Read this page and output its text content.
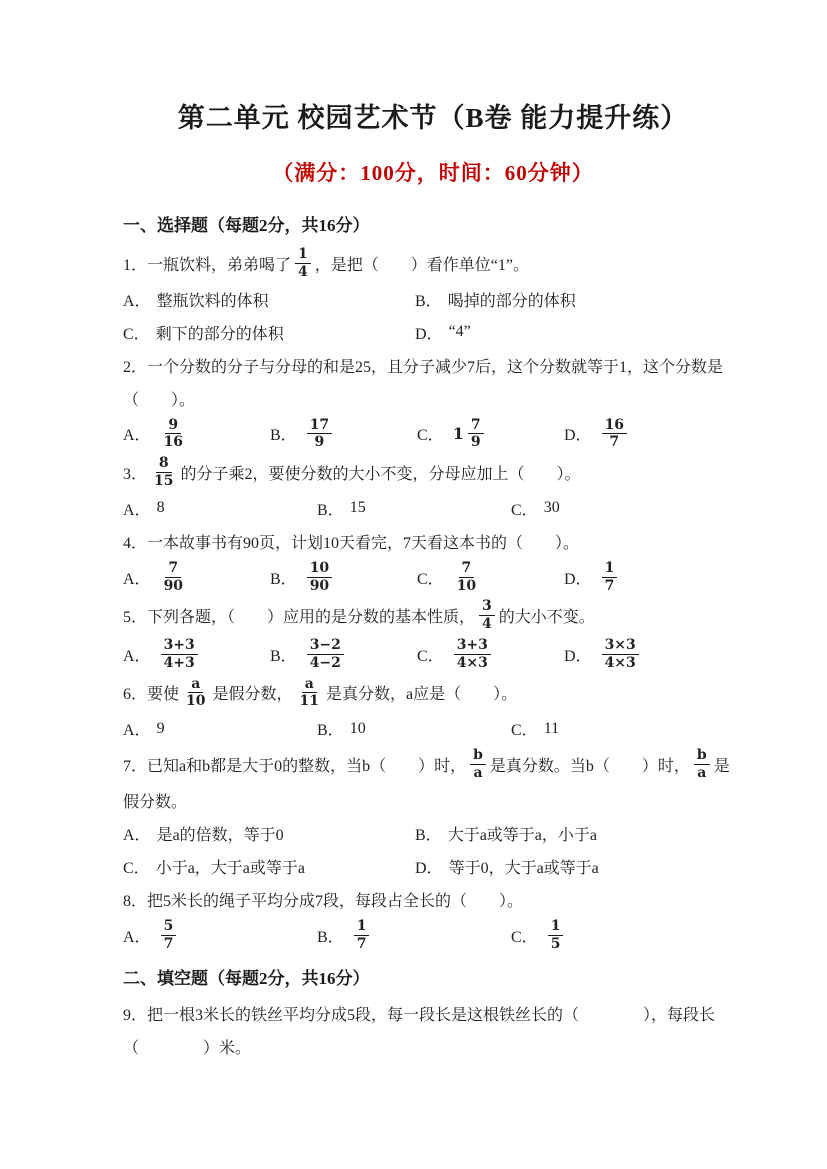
第二单元 校园艺术节（B卷 能力提升练）
（满分：100分，时间：60分钟）
一、选择题（每题2分，共16分）
1．一瓶饮料，弟弟喝了 $\frac{1}{4}$ ，是把（　　）看作单位“1”。
A． 整瓶饮料的体积	B． 喝掉的部分的体积
C． 剩下的部分的体积	D． “4”
2．一个分数的分子与分母的和是25，且分子减少7后，这个分数就等于1，这个分数是
（　　）。
A． $\frac{9}{16}$	B． $\frac{17}{9}$	C． $1 \frac{7}{9}$	D． $\frac{16}{7}$
3． $\frac{8}{15}$ 的分子乘2，要使分数的大小不变，分母应加上（　　）。
A． 8	B． 15	C． 30
4．一本故事书有90页，计划10天看完，7天看这本书的（　　）。
A． $\frac{7}{90}$	B． $\frac{10}{90}$	C． $\frac{7}{10}$	D． $\frac{1}{7}$
5．下列各题，（　　）应用的是分数的基本性质， $\frac{3}{4}$ 的大小不变。
A． $\frac{3+3}{4+3}$	B． $\frac{3-2}{4-2}$	C． $\frac{3+3}{4\times 3}$	D． $\frac{3\times 3}{4\times 3}$
6．要使 $\frac{a}{10}$ 是假分数， $\frac{a}{11}$ 是真分数，a应是（　　）。
A． 9	B． 10	C． 11
7．已知a和b都是大于0的整数，当b（　　）时， $\frac{b}{a}$ 是真分数。当b（　　）时， $\frac{b}{a}$ 是
假分数。
A． 是a的倍数，等于0	B． 大于a或等于a，小于a
C． 小于a，大于a或等于a	D． 等于0，大于a或等于a
8．把5米长的绳子平均分成7段，每段占全长的（　　）。
A． $\frac{5}{7}$	B． $\frac{1}{7}$	C． $\frac{1}{5}$
二、填空题（每题2分，共16分）
9．把一根3米长的铁丝平均分成5段，每一段长是这根铁丝长的（　　　　），每段长
（　　　　）米。
